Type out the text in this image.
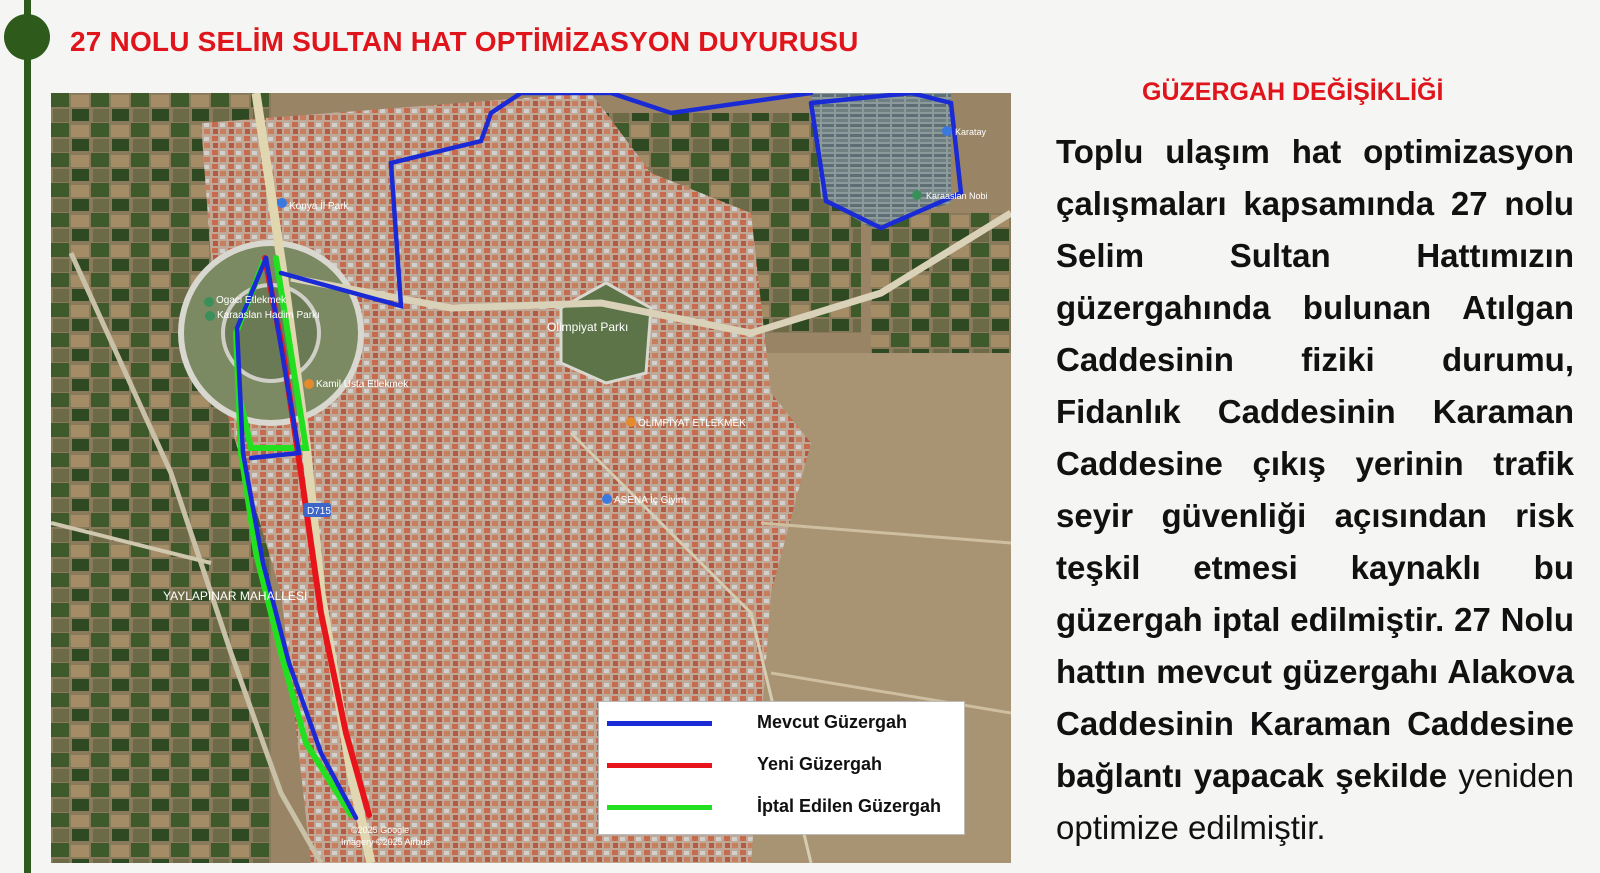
27 NOLU SELİM SULTAN HAT OPTİMİZASYON DUYURUSU
Konya İl Park
Ogaci Etlekmek
Karaaslan Hadim Parkı
Kamil Usta Etlekmek
Olimpiyat Parkı
OLİMPİYAT ETLEKMEK
ASENA İç Giyim
Karaaslan Nobi
Karatay
YAYLAPINAR MAHALLESİ
D715
©2025 Google
Imagery ©2025 Airbus
Mevcut Güzergah
Yeni Güzergah
İptal Edilen Güzergah
GÜZERGAH DEĞİŞİKLİĞİ
Toplu ulaşım hat optimizasyon çalışmaları kapsamında 27 nolu Selim Sultan Hattımızın güzergahında bulunan Atılgan Caddesinin fiziki durumu, Fidanlık Caddesinin Karaman Caddesine çıkış yerinin trafik seyir güvenliği açısından risk teşkil etmesi kaynaklı bu güzergah iptal edilmiştir. 27 Nolu hattın mevcut güzergahı Alakova Caddesinin Karaman Caddesine bağlantı yapacak şekilde yeniden optimize edilmiştir.
